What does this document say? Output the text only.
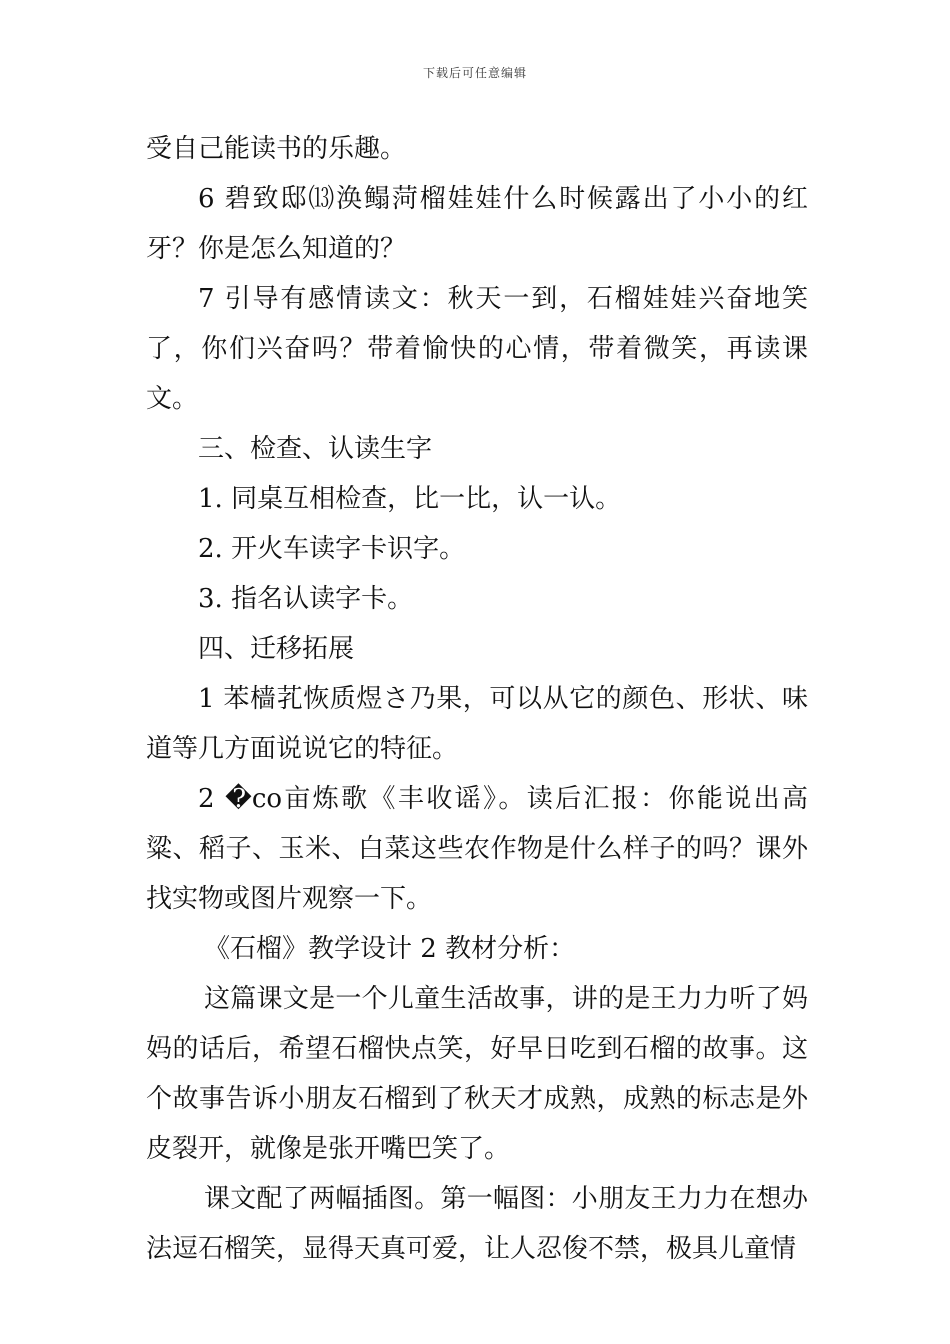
下载后可任意编辑

受自己能读书的乐趣。

6 碧致邸⒀涣鳎菏榴娃娃什么时候露出了小小的红牙？你是怎么知道的？

7 引导有感情读文：秋天一到，石榴娃娃兴奋地笑了，你们兴奋吗？带着愉快的心情，带着微笑，再读课文。

三、检查、认读生字

1. 同桌互相检查，比一比，认一认。

2. 开火车读字卡识字。

3. 指名认读字卡。

四、迁移拓展

1 苯樯芤恢质煜さ乃果，可以从它的颜色、形状、味道等几方面说说它的特征。

2 �co亩炼歌《丰收谣》。读后汇报：你能说出高粱、稻子、玉米、白菜这些农作物是什么样子的吗？课外找实物或图片观察一下。

《石榴》教学设计 2 教材分析：

这篇课文是一个儿童生活故事，讲的是王力力听了妈妈的话后，希望石榴快点笑，好早日吃到石榴的故事。这个故事告诉小朋友石榴到了秋天才成熟，成熟的标志是外皮裂开，就像是张开嘴巴笑了。

课文配了两幅插图。第一幅图：小朋友王力力在想办法逗石榴笑，显得天真可爱，让人忍俊不禁，极具儿童情
